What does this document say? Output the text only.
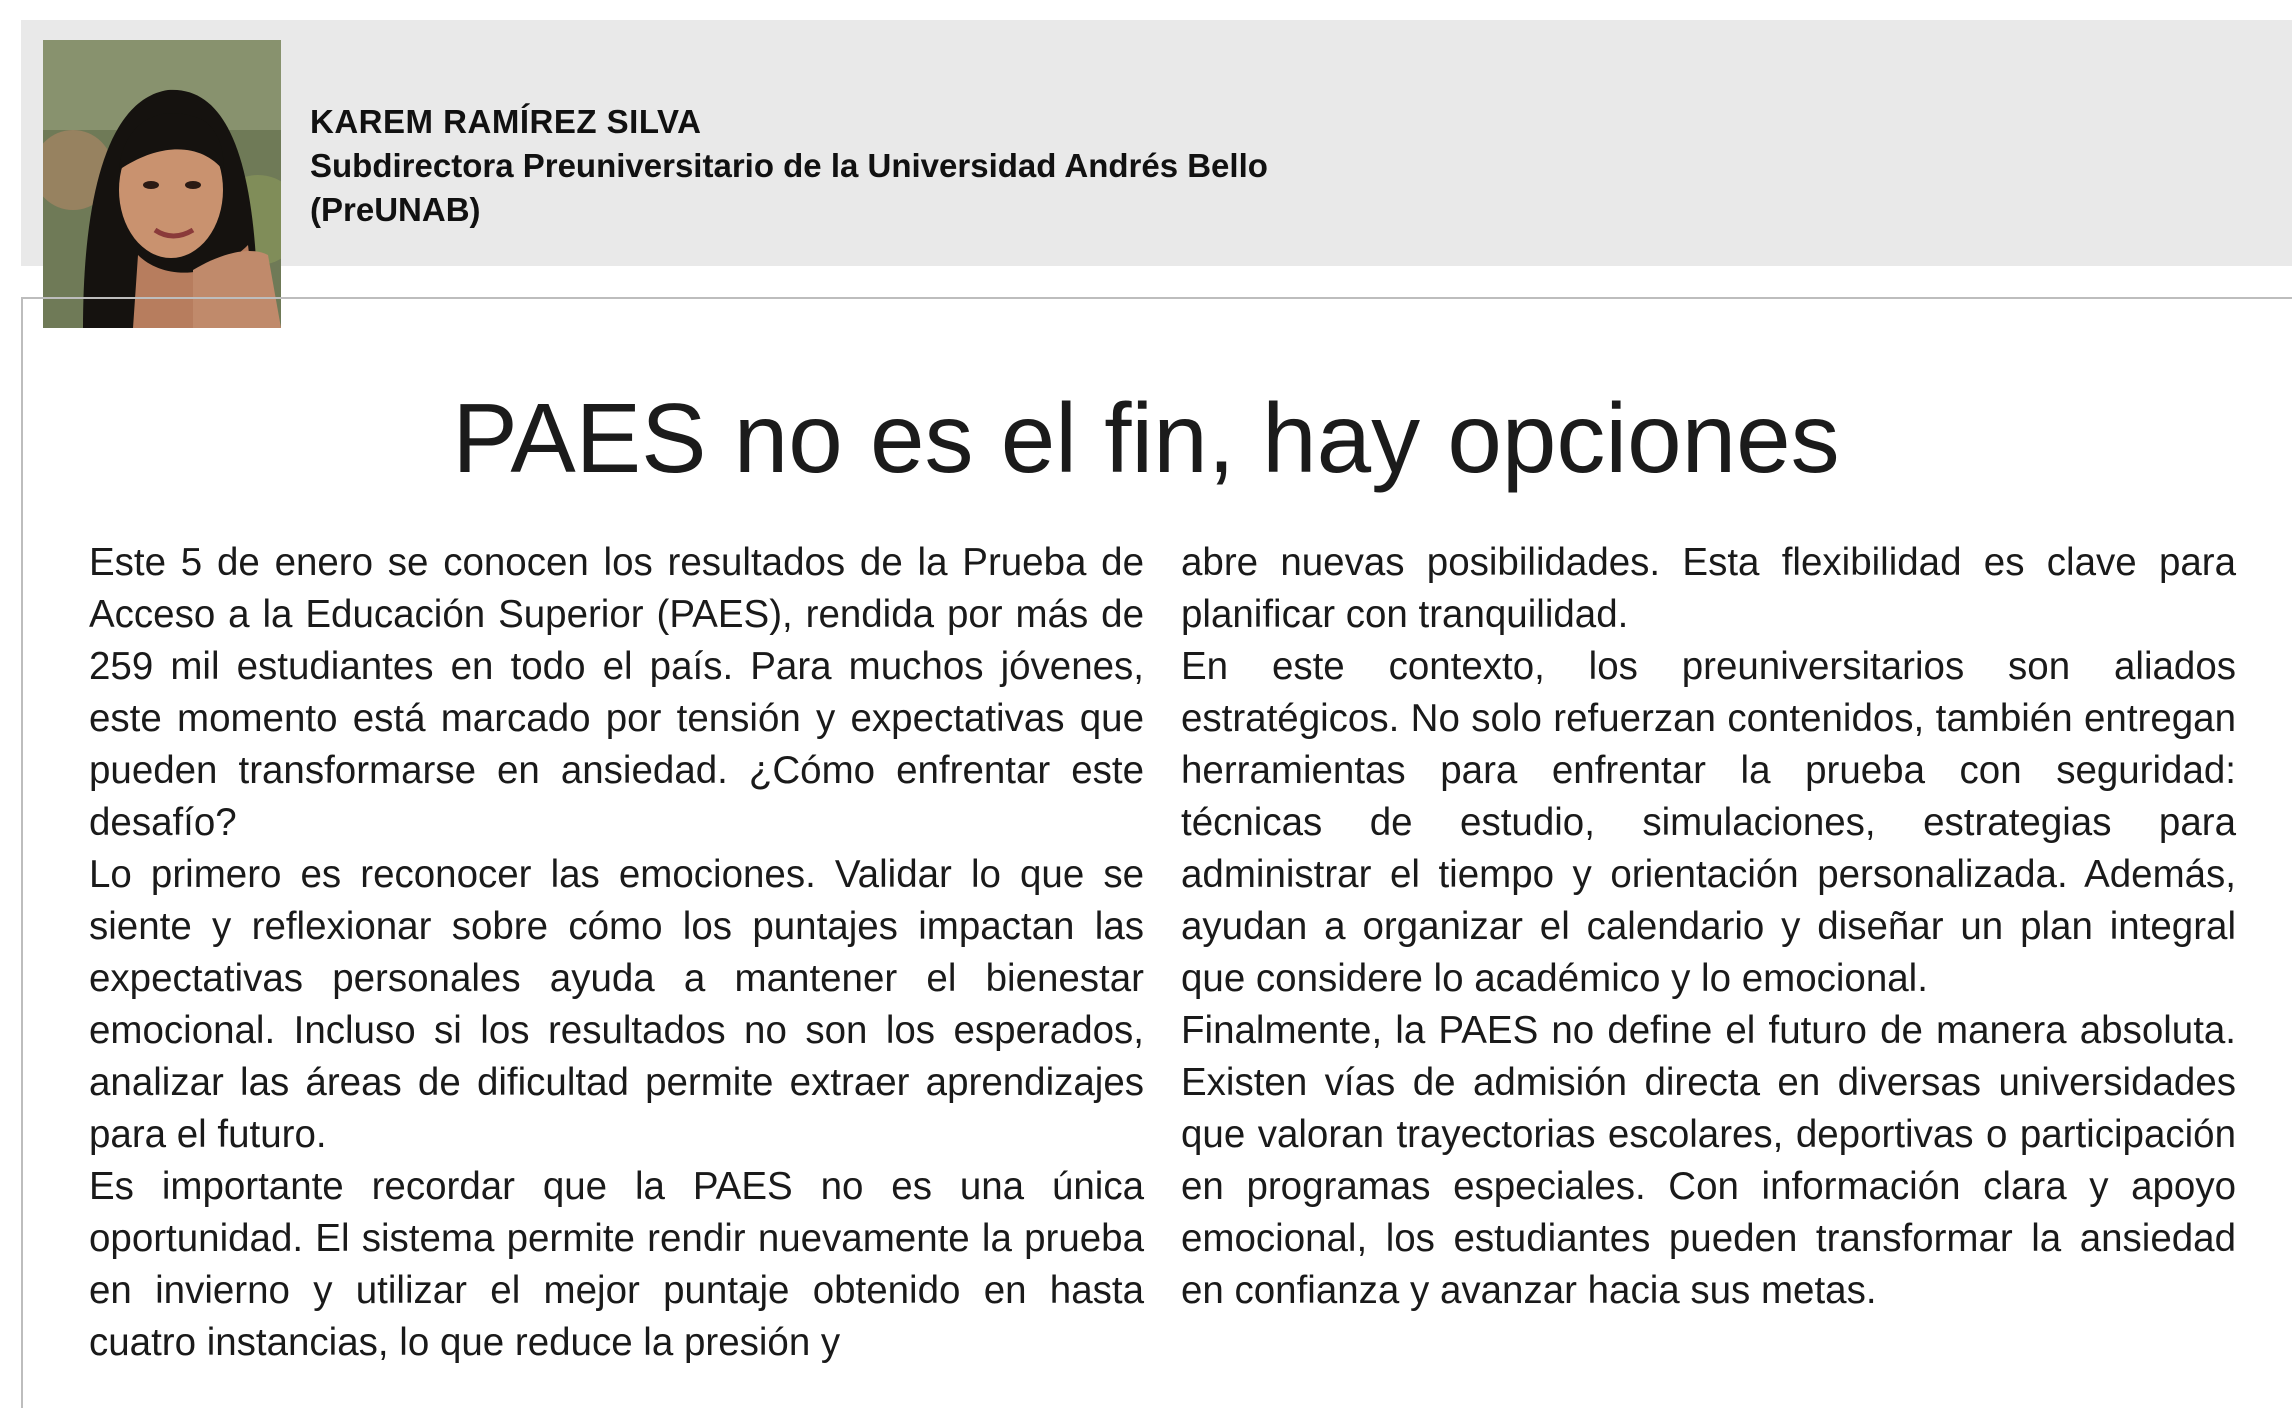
KAREM RAMÍREZ SILVA
Subdirectora Preuniversitario de la Universidad Andrés Bello
(PreUNAB)
PAES no es el fin, hay opciones

Este 5 de enero se conocen los resultados de la Prueba de Acceso a la Educación Superior (PAES), rendida por más de 259 mil estudiantes en todo el país. Para muchos jóvenes, este momento está marcado por tensión y expectativas que pueden transformarse en ansiedad. ¿Cómo enfrentar este desafío?

Lo primero es reconocer las emociones. Validar lo que se siente y reflexionar sobre cómo los puntajes impactan las expectativas personales ayuda a mantener el bienestar emocional. Incluso si los resultados no son los esperados, analizar las áreas de dificultad permite extraer aprendizajes para el futuro.

Es importante recordar que la PAES no es una única oportunidad. El sistema permite rendir nuevamente la prueba en invierno y utilizar el mejor puntaje obtenido en hasta cuatro instancias, lo que reduce la presión y

abre nuevas posibilidades. Esta flexibilidad es clave para planificar con tranquilidad.

En este contexto, los preuniversitarios son aliados estratégicos. No solo refuerzan contenidos, también entregan herramientas para enfrentar la prueba con seguridad: técnicas de estudio, simulaciones, estrategias para administrar el tiempo y orientación personalizada. Además, ayudan a organizar el calendario y diseñar un plan integral que considere lo académico y lo emocional.

Finalmente, la PAES no define el futuro de manera absoluta. Existen vías de admisión directa en diversas universidades que valoran trayectorias escolares, deportivas o participación en programas especiales. Con información clara y apoyo emocional, los estudiantes pueden transformar la ansiedad en confianza y avanzar hacia sus metas.
